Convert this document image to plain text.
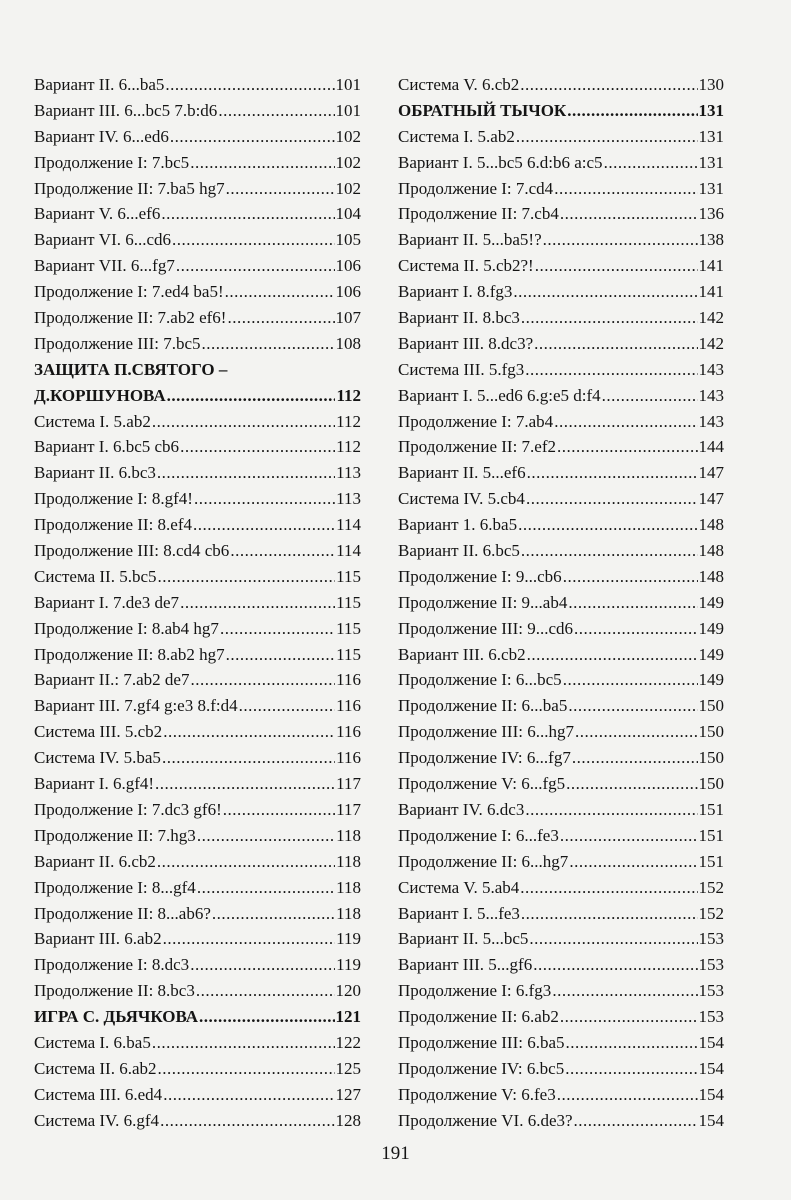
Вариант II. 6...ba5 .....	101
Вариант III. 6...bc5 7.b:d6 .....	101
Вариант IV. 6...ed6 .....	102
Продолжение I: 7.bc5 .....	102
Продолжение II: 7.ba5 hg7 .....	102
Вариант V. 6...ef6 .....	104
Вариант VI. 6...cd6 .....	105
Вариант VII. 6...fg7 .....	106
Продолжение I: 7.ed4 ba5! .....	106
Продолжение II: 7.ab2 ef6! .....	107
Продолжение III: 7.bc5 .....	108
ЗАЩИТА П.СВЯТОГО –
Д.КОРШУНОВА .....	112
Система I. 5.ab2 .....	112
Вариант I. 6.bc5 cb6 .....	112
Вариант II. 6.bc3 .....	113
Продолжение I: 8.gf4! .....	113
Продолжение II: 8.ef4 .....	114
Продолжение III: 8.cd4 cb6 .....	114
Система II. 5.bc5 .....	115
Вариант I. 7.de3 de7 .....	115
Продолжение I: 8.ab4 hg7 .....	115
Продолжение II: 8.ab2 hg7 .....	115
Вариант II.: 7.ab2 de7 .....	116
Вариант III. 7.gf4 g:e3 8.f:d4 .....	116
Система III. 5.cb2 .....	116
Система IV. 5.ba5 .....	116
Вариант I. 6.gf4! .....	117
Продолжение I: 7.dc3 gf6! .....	117
Продолжение II: 7.hg3 .....	118
Вариант II. 6.cb2 .....	118
Продолжение I: 8...gf4 .....	118
Продолжение II: 8...ab6? .....	118
Вариант III. 6.ab2 .....	119
Продолжение I: 8.dc3 .....	119
Продолжение II: 8.bc3 .....	120
ИГРА С. ДЬЯЧКОВА .....	121
Система I. 6.ba5 .....	122
Система II. 6.ab2 .....	125
Система III. 6.ed4 .....	127
Система IV. 6.gf4 .....	128
Система V. 6.cb2 .....	130
ОБРАТНЫЙ ТЫЧОК .....	131
Система I. 5.ab2 .....	131
Вариант I. 5...bc5 6.d:b6 a:c5 .....	131
Продолжение I: 7.cd4 .....	131
Продолжение II: 7.cb4 .....	136
Вариант II. 5...ba5!? .....	138
Система II. 5.cb2?! .....	141
Вариант I. 8.fg3 .....	141
Вариант II. 8.bc3 .....	142
Вариант III. 8.dc3? .....	142
Система III. 5.fg3 .....	143
Вариант I. 5...ed6 6.g:e5 d:f4 .....	143
Продолжение I: 7.ab4 .....	143
Продолжение II: 7.ef2 .....	144
Вариант II. 5...ef6 .....	147
Система IV. 5.cb4 .....	147
Вариант 1. 6.ba5 .....	148
Вариант II. 6.bc5 .....	148
Продолжение I: 9...cb6 .....	148
Продолжение II: 9...ab4 .....	149
Продолжение III: 9...cd6 .....	149
Вариант III. 6.cb2 .....	149
Продолжение I: 6...bc5 .....	149
Продолжение II: 6...ba5 .....	150
Продолжение III: 6...hg7 .....	150
Продолжение IV: 6...fg7 .....	150
Продолжение V: 6...fg5 .....	150
Вариант IV. 6.dc3 .....	151
Продолжение I: 6...fe3 .....	151
Продолжение II: 6...hg7 .....	151
Система V. 5.ab4 .....	152
Вариант I. 5...fe3 .....	152
Вариант II. 5...bc5 .....	153
Вариант III. 5...gf6 .....	153
Продолжение I: 6.fg3 .....	153
Продолжение II: 6.ab2 .....	153
Продолжение III: 6.ba5 .....	154
Продолжение IV: 6.bc5 .....	154
Продолжение V: 6.fe3 .....	154
Продолжение VI. 6.de3? .....	154
191
